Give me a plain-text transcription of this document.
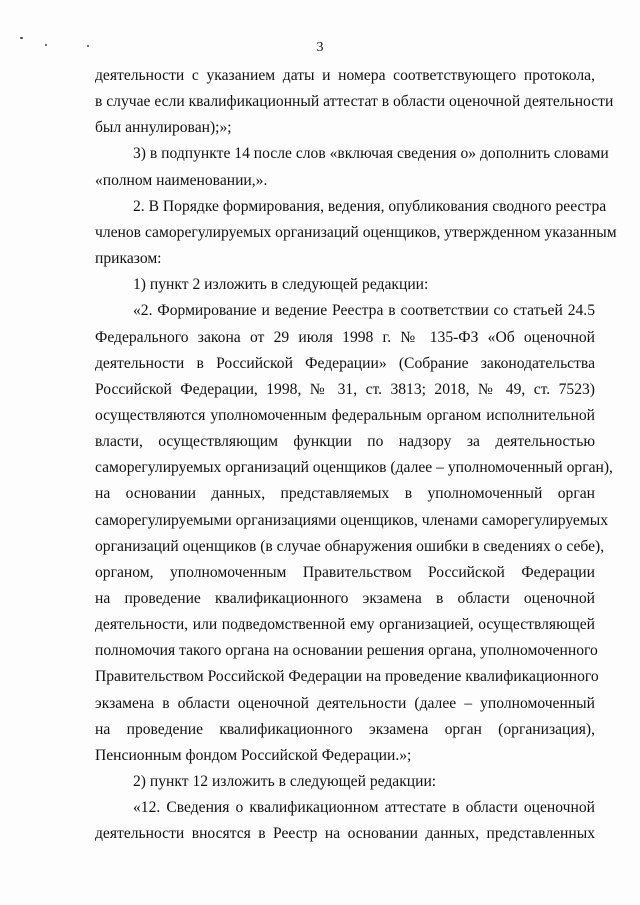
3
деятельности с указанием даты и номера соответствующего протокола,
в случае если квалификационный аттестат в области оценочной деятельности
был аннулирован);»;
3) в подпункте 14 после слов «включая сведения о» дополнить словами
«полном наименовании,».
2. В Порядке формирования, ведения, опубликования сводного реестра
членов саморегулируемых организаций оценщиков, утвержденном указанным
приказом:
1) пункт 2 изложить в следующей редакции:
«2. Формирование и ведение Реестра в соответствии со статьей 24.5
Федерального закона от 29 июля 1998 г. № 135-ФЗ «Об оценочной
деятельности в Российской Федерации» (Собрание законодательства
Российской Федерации, 1998, № 31, ст. 3813; 2018, № 49, ст. 7523)
осуществляются уполномоченным федеральным органом исполнительной
власти, осуществляющим функции по надзору за деятельностью
саморегулируемых организаций оценщиков (далее – уполномоченный орган),
на основании данных, представляемых в уполномоченный орган
саморегулируемыми организациями оценщиков, членами саморегулируемых
организаций оценщиков (в случае обнаружения ошибки в сведениях о себе),
органом, уполномоченным Правительством Российской Федерации
на проведение квалификационного экзамена в области оценочной
деятельности, или подведомственной ему организацией, осуществляющей
полномочия такого органа на основании решения органа, уполномоченного
Правительством Российской Федерации на проведение квалификационного
экзамена в области оценочной деятельности (далее – уполномоченный
на проведение квалификационного экзамена орган (организация),
Пенсионным фондом Российской Федерации.»;
2) пункт 12 изложить в следующей редакции:
«12. Сведения о квалификационном аттестате в области оценочной
деятельности вносятся в Реестр на основании данных, представленных
